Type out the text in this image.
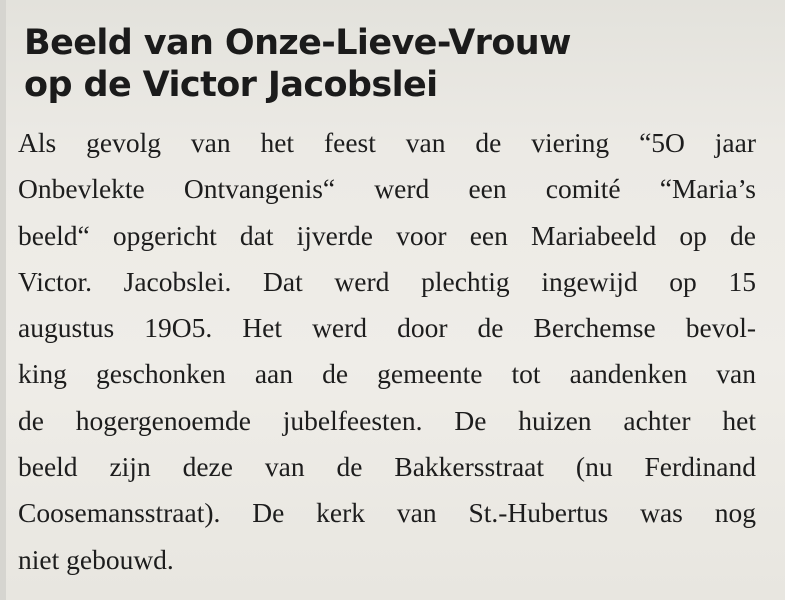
Beeld van Onze-Lieve-Vrouw
op de Victor Jacobslei
Als gevolg van het feest van de viering “5O jaar
Onbevlekte Ontvangenis“ werd een comité “Maria’s
beeld“ opgericht dat ijverde voor een Mariabeeld op de
Victor. Jacobslei. Dat werd plechtig ingewijd op 15
augustus 19O5. Het werd door de Berchemse bevol-
king geschonken aan de gemeente tot aandenken van
de hogergenoemde jubelfeesten. De huizen achter het
beeld zijn deze van de Bakkersstraat (nu Ferdinand
Coosemansstraat). De kerk van St.-Hubertus was nog
niet gebouwd.
